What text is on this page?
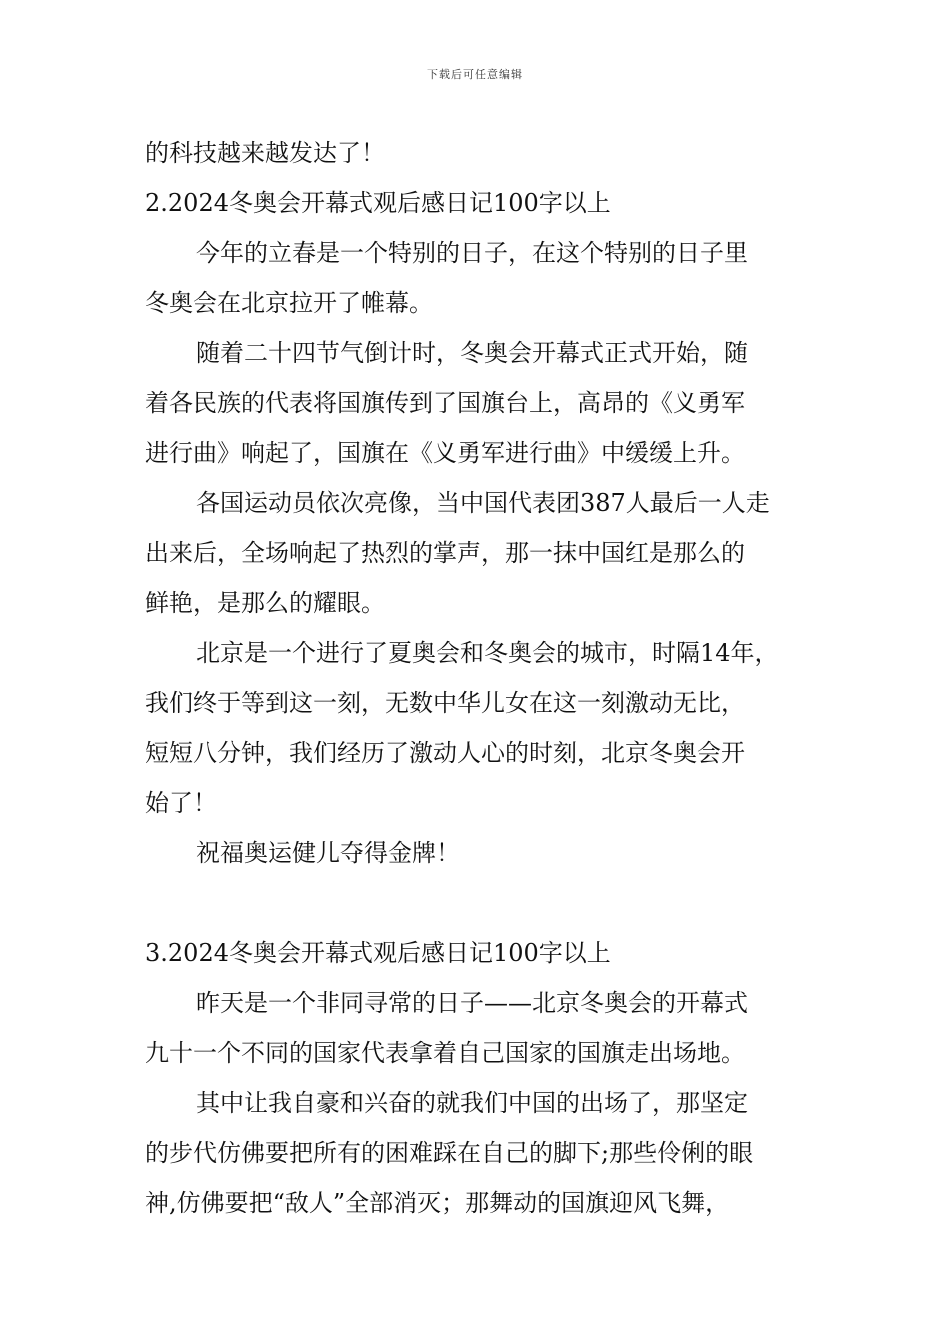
下载后可任意编辑
的科技越来越发达了！
2.2024冬奥会开幕式观后感日记100字以上
今年的立春是一个特别的日子，在这个特别的日子里
冬奥会在北京拉开了帷幕。
随着二十四节气倒计时，冬奥会开幕式正式开始，随
着各民族的代表将国旗传到了国旗台上，高昂的《义勇军
进行曲》响起了，国旗在《义勇军进行曲》中缓缓上升。
各国运动员依次亮像，当中国代表团387人最后一人走
出来后，全场响起了热烈的掌声，那一抹中国红是那么的
鲜艳，是那么的耀眼。
北京是一个进行了夏奥会和冬奥会的城市，时隔14年，
我们终于等到这一刻，无数中华儿女在这一刻激动无比，
短短八分钟，我们经历了激动人心的时刻，北京冬奥会开
始了！
祝福奥运健儿夺得金牌！
3.2024冬奥会开幕式观后感日记100字以上
昨天是一个非同寻常的日子——北京冬奥会的开幕式
九十一个不同的国家代表拿着自己国家的国旗走出场地。
其中让我自豪和兴奋的就我们中国的出场了，那坚定
的步代仿佛要把所有的困难踩在自己的脚下;那些伶俐的眼
神,仿佛要把“敌人”全部消灭；那舞动的国旗迎风飞舞，
